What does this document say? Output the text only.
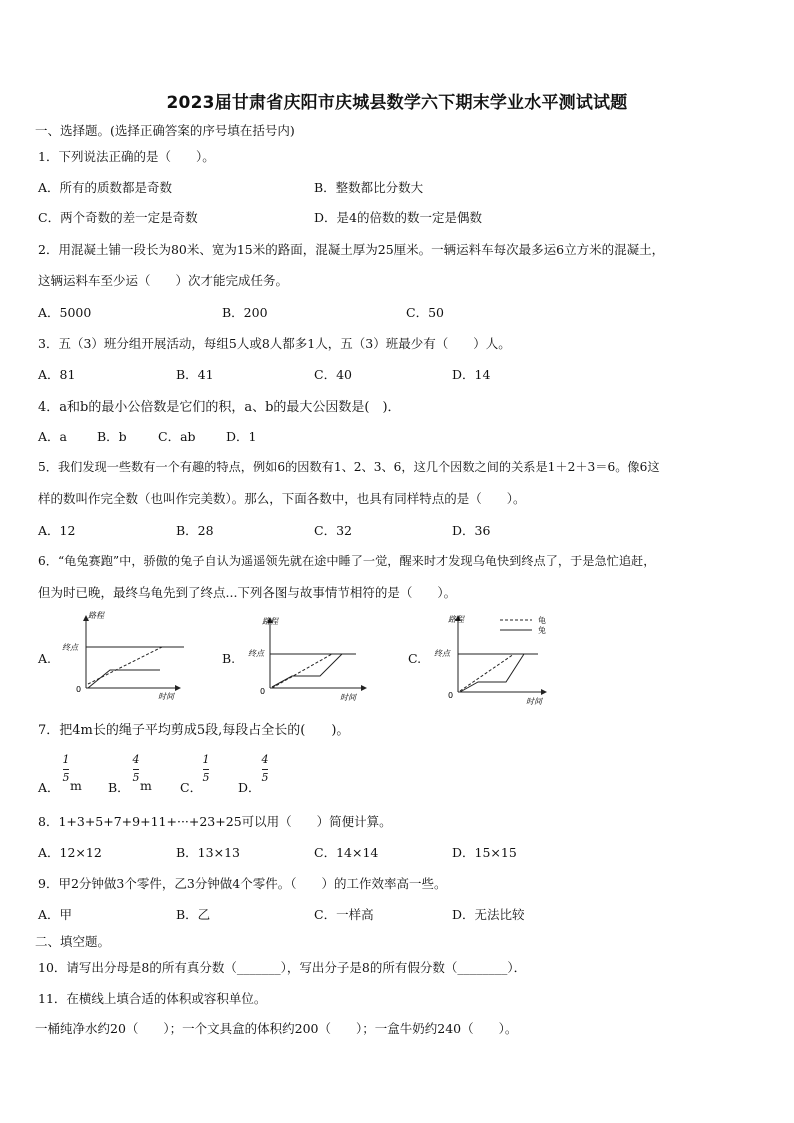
2023届甘肃省庆阳市庆城县数学六下期末学业水平测试试题
一、选择题。(选择正确答案的序号填在括号内)
1．下列说法正确的是（　　）。
A．所有的质数都是奇数	B．整数都比分数大
C．两个奇数的差一定是奇数	D．是4的倍数的数一定是偶数
2．用混凝土铺一段长为80米、宽为15米的路面，混凝土厚为25厘米。一辆运料车每次最多运6立方米的混凝土，
这辆运料车至少运（　　）次才能完成任务。
A．5000	B．200	C．50
3．五（3）班分组开展活动，每组5人或8人都多1人，五（3）班最少有（　　）人。
A．81	B．41	C．40	D．14
4．a和b的最小公倍数是它们的积，a、b的最大公因数是(　)．
A．a B．b	C．ab D．1
5．我们发现一些数有一个有趣的特点，例如6的因数有1、2、3、6，这几个因数之间的关系是1＋2＋3＝6。像6这
样的数叫作完全数（也叫作完美数）。那么，下面各数中，也具有同样特点的是（　　）。
A．12	B．28	C．32	D．36
6．“龟兔赛跑”中，骄傲的兔子自认为遥遥领先就在途中睡了一觉，醒来时才发现乌龟快到终点了，于是急忙追赶，
但为时已晚，最终乌龟先到了终点...下列各图与故事情节相符的是（　　）。
A.	B.	C.
路程
终点
0
时间
路程
终点
0
时间
路程
终点
0
时间
龟
兔
7．把4m长的绳子平均剪成5段,每段占全长的(　　)。
A．
1
5
m B．
4
5
m C．
1
5
D．
4
5
8．1+3+5+7+9+11+···+23+25可以用（　　）简便计算。
A．12×12	B．13×13	C．14×14	D．15×15
9．甲2分钟做3个零件，乙3分钟做4个零件。（　　）的工作效率高一些。
A．甲	B．乙	C．一样高	D．无法比较
二、填空题。
10．请写出分母是8的所有真分数（_______），写出分子是8的所有假分数（________）．
11．在横线上填合适的体积或容积单位。
一桶纯净水约20（　　）；一个文具盒的体积约200（　　）；一盒牛奶约240（　　）。
